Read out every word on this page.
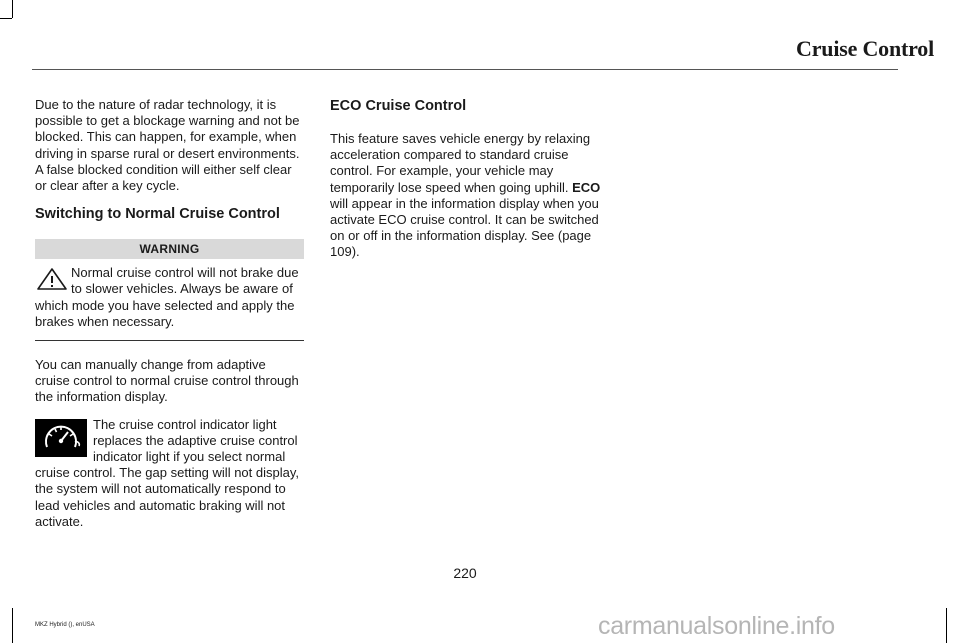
Cruise Control

Due to the nature of radar technology, it is possible to get a blockage warning and not be blocked. This can happen, for example, when driving in sparse rural or desert environments. A false blocked condition will either self clear or clear after a key cycle.

Switching to Normal Cruise Control
WARNING
Normal cruise control will not brake due to slower vehicles. Always be aware of which mode you have selected and apply the brakes when necessary.

You can manually change from adaptive cruise control to normal cruise control through the information display.

The cruise control indicator light replaces the adaptive cruise control indicator light if you select normal cruise control. The gap setting will not display, the system will not automatically respond to lead vehicles and automatic braking will not activate.
ECO Cruise Control

This feature saves vehicle energy by relaxing acceleration compared to standard cruise control. For example, your vehicle may temporarily lose speed when going uphill. ECO will appear in the information display when you activate ECO cruise control. It can be switched on or off in the information display. See (page 109).

220
MKZ Hybrid (), enUSA	carmanualsonline.info
